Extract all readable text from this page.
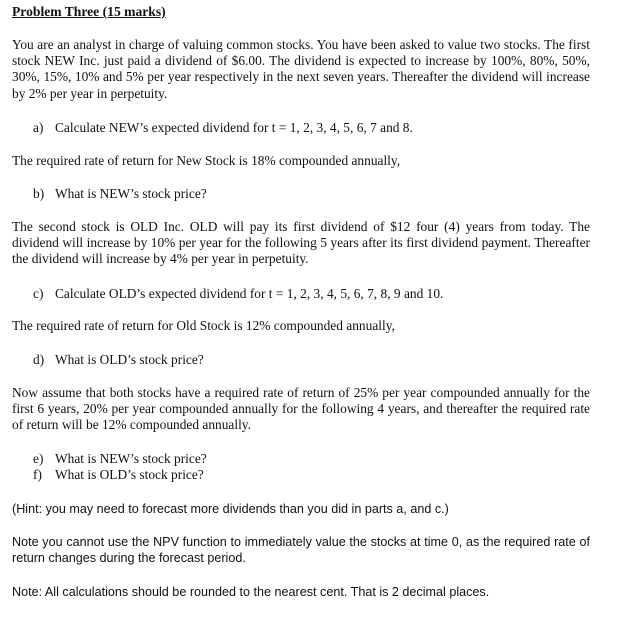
Problem Three (15 marks)
You are an analyst in charge of valuing common stocks. You have been asked to value two stocks. The first stock NEW Inc. just paid a dividend of $6.00. The dividend is expected to increase by 100%, 80%, 50%, 30%, 15%, 10% and 5% per year respectively in the next seven years. Thereafter the dividend will increase by 2% per year in perpetuity.
a) Calculate NEW’s expected dividend for t = 1, 2, 3, 4, 5, 6, 7 and 8.
The required rate of return for New Stock is 18% compounded annually,
b) What is NEW’s stock price?
The second stock is OLD Inc. OLD will pay its first dividend of $12 four (4) years from today. The dividend will increase by 10% per year for the following 5 years after its first dividend payment. Thereafter the dividend will increase by 4% per year in perpetuity.
c) Calculate OLD’s expected dividend for t = 1, 2, 3, 4, 5, 6, 7, 8, 9 and 10.
The required rate of return for Old Stock is 12% compounded annually,
d) What is OLD’s stock price?
Now assume that both stocks have a required rate of return of 25% per year compounded annually for the first 6 years, 20% per year compounded annually for the following 4 years, and thereafter the required rate of return will be 12% compounded annually.
e) What is NEW’s stock price?
f) What is OLD’s stock price?
(Hint: you may need to forecast more dividends than you did in parts a, and c.)
Note you cannot use the NPV function to immediately value the stocks at time 0, as the required rate of return changes during the forecast period.
Note: All calculations should be rounded to the nearest cent. That is 2 decimal places.
